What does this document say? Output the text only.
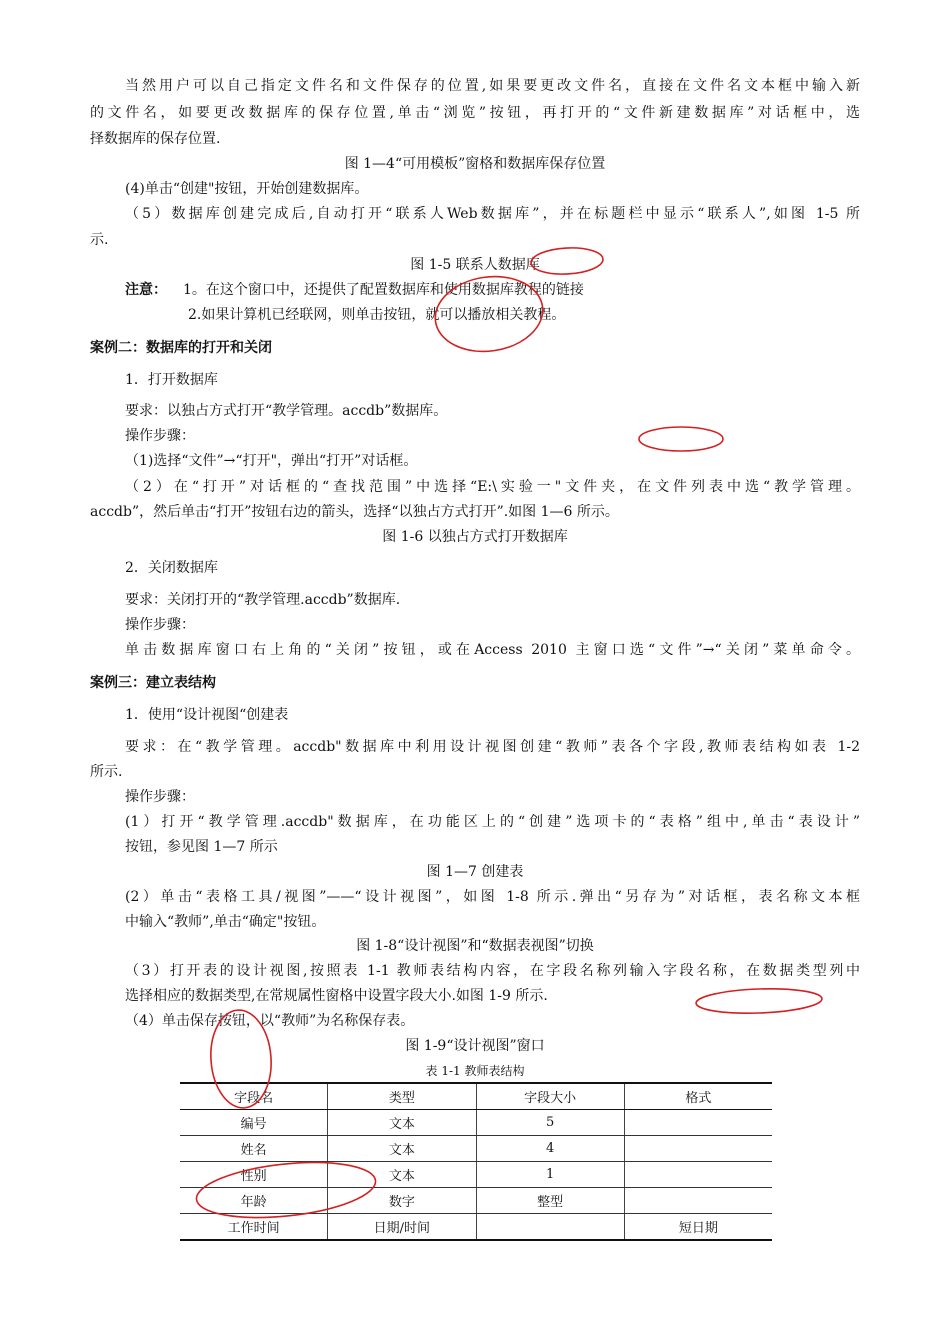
当然用户可以自己指定文件名和文件保存的位置,如果要更改文件名，直接在文件名文本框中输入新
的文件名，如要更改数据库的保存位置,单击“浏览”按钮，再打开的“文件新建数据库”对话框中，选
择数据库的保存位置.
图 1—4“可用模板”窗格和数据库保存位置
(4)单击“创建"按钮，开始创建数据库。
（5）数据库创建完成后,自动打开“联系人Web数据库”，并在标题栏中显示“联系人”,如图 1-5 所
示.
图 1-5 联系人数据库
注意： 1。在这个窗口中，还提供了配置数据库和使用数据库教程的链接
2.如果计算机已经联网，则单击按钮，就可以播放相关教程。
案例二：数据库的打开和关闭
1．打开数据库
要求：以独占方式打开“教学管理。accdb”数据库。
操作步骤：
（1)选择“文件”→“打开"，弹出“打开”对话框。
（2）在“打开”对话框的“查找范围”中选择“E:\实验一"文件夹，在文件列表中选“教学管理。
accdb”，然后单击“打开”按钮右边的箭头，选择“以独占方式打开”.如图 1—6 所示。
图 1-6 以独占方式打开数据库
2．关闭数据库
要求：关闭打开的“教学管理.accdb”数据库.
操作步骤：
单击数据库窗口右上角的“关闭”按钮，或在Access 2010 主窗口选“文件”→“关闭”菜单命令。
案例三：建立表结构
1．使用“设计视图“创建表
要求：在“教学管理。accdb"数据库中利用设计视图创建“教师”表各个字段,教师表结构如表 1-2
所示.
操作步骤：
(1）打开“教学管理.accdb"数据库，在功能区上的“创建”选项卡的“表格”组中,单击“表设计”
按钮，参见图 1—7 所示
图 1—7 创建表
(2）单击“表格工具/视图”——“设计视图”，如图 1-8 所示.弹出“另存为”对话框，表名称文本框
中输入“教师”,单击“确定"按钮。
图 1-8“设计视图”和“数据表视图”切换
（3）打开表的设计视图,按照表 1-1 教师表结构内容，在字段名称列输入字段名称，在数据类型列中
选择相应的数据类型,在常规属性窗格中设置字段大小.如图 1-9 所示.
（4）单击保存按钮，以“教师”为名称保存表。
图 1-9“设计视图”窗口
表 1-1 教师表结构
字段名	类型	字段大小	格式
编号	文本	5	
姓名	文本	4	
性别	文本	1	
年龄	数字	整型	
工作时间	日期/时间		短日期
